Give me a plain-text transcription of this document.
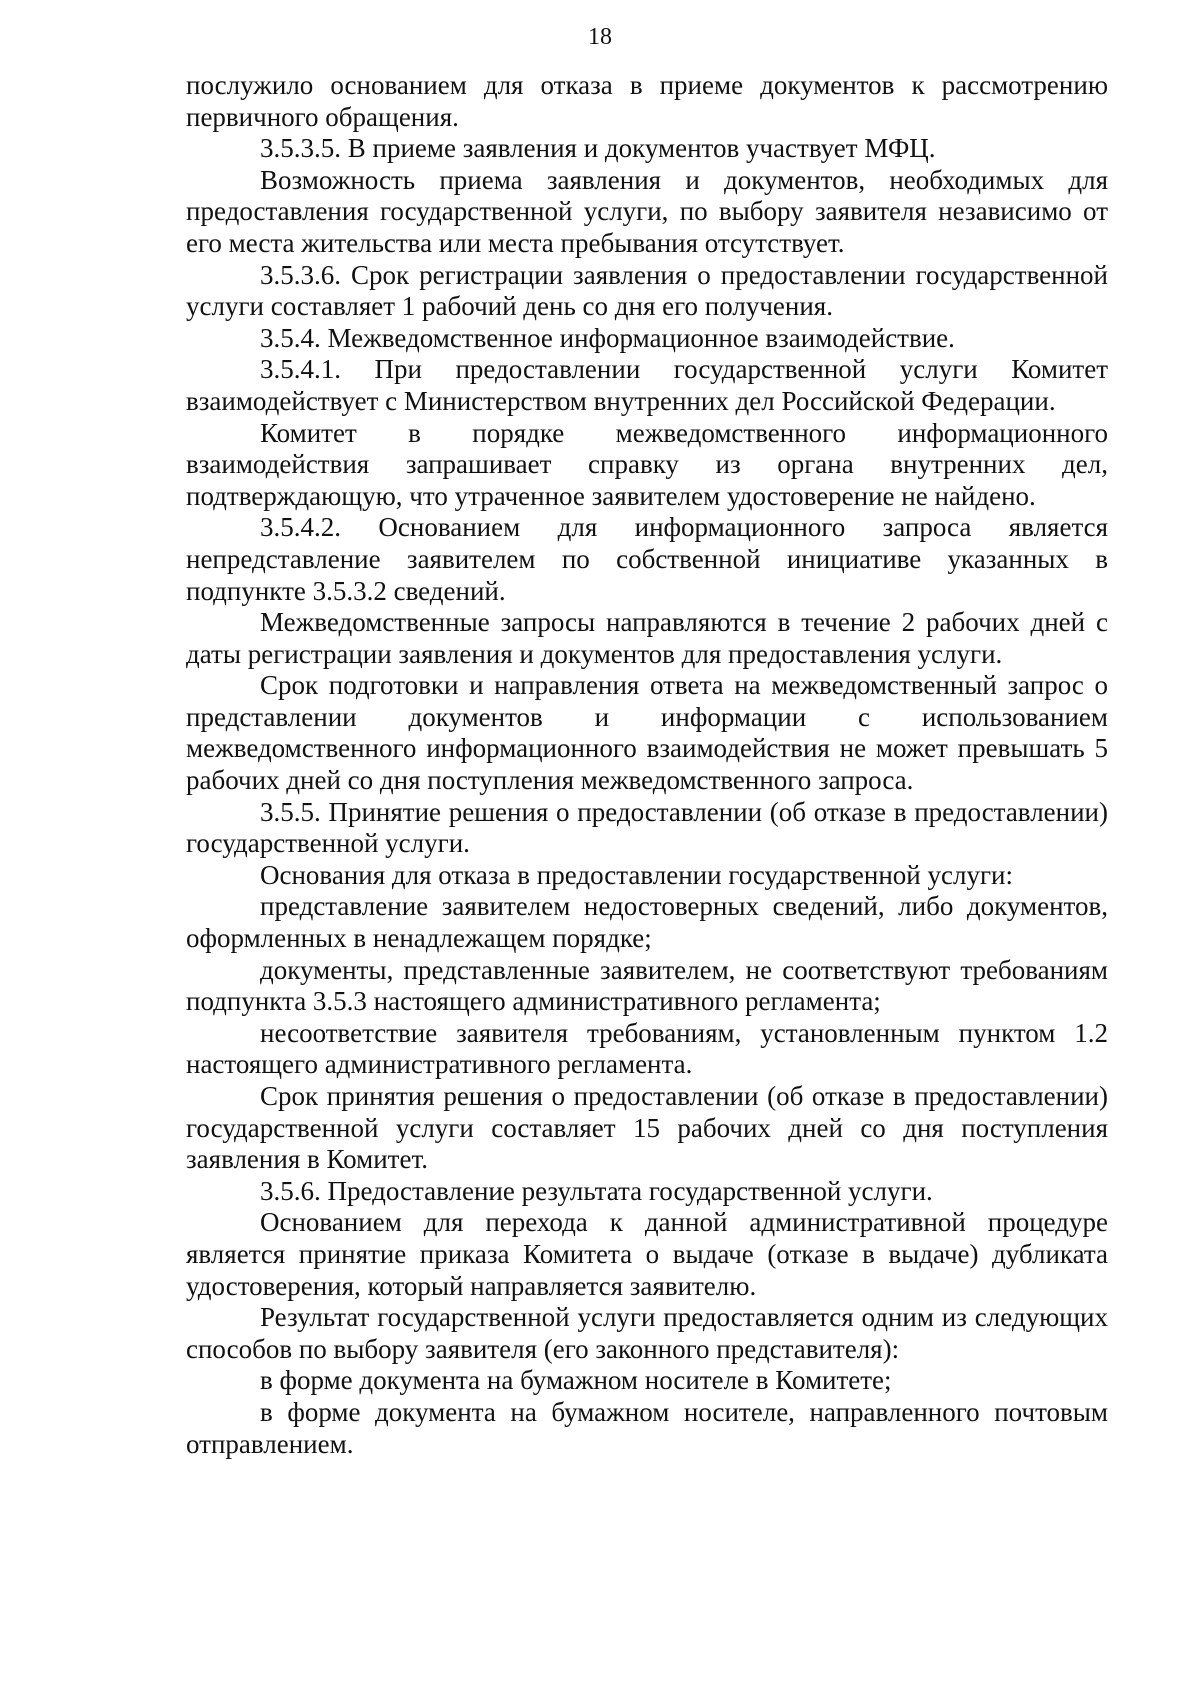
18

послужило основанием для отказа в приеме документов к рассмотрению первичного обращения.

3.5.3.5. В приеме заявления и документов участвует МФЦ.

Возможность приема заявления и документов, необходимых для предоставления государственной услуги, по выбору заявителя независимо от его места жительства или места пребывания отсутствует.

3.5.3.6. Срок регистрации заявления о предоставлении государственной услуги составляет 1 рабочий день со дня его получения.

3.5.4. Межведомственное информационное взаимодействие.

3.5.4.1. При предоставлении государственной услуги Комитет взаимодействует с Министерством внутренних дел Российской Федерации.

Комитет в порядке межведомственного информационного взаимодействия запрашивает справку из органа внутренних дел, подтверждающую, что утраченное заявителем удостоверение не найдено.

3.5.4.2. Основанием для информационного запроса является непредставление заявителем по собственной инициативе указанных в подпункте 3.5.3.2 сведений.

Межведомственные запросы направляются в течение 2 рабочих дней с даты регистрации заявления и документов для предоставления услуги.

Срок подготовки и направления ответа на межведомственный запрос о представлении документов и информации с использованием межведомственного информационного взаимодействия не может превышать 5 рабочих дней со дня поступления межведомственного запроса.

3.5.5. Принятие решения о предоставлении (об отказе в предоставлении) государственной услуги.

Основания для отказа в предоставлении государственной услуги:

представление заявителем недостоверных сведений, либо документов, оформленных в ненадлежащем порядке;

документы, представленные заявителем, не соответствуют требованиям подпункта 3.5.3 настоящего административного регламента;

несоответствие заявителя требованиям, установленным пунктом 1.2 настоящего административного регламента.

Срок принятия решения о предоставлении (об отказе в предоставлении) государственной услуги составляет 15 рабочих дней со дня поступления заявления в Комитет.

3.5.6. Предоставление результата государственной услуги.

Основанием для перехода к данной административной процедуре является принятие приказа Комитета о выдаче (отказе в выдаче) дубликата удостоверения, который направляется заявителю.

Результат государственной услуги предоставляется одним из следующих способов по выбору заявителя (его законного представителя):

в форме документа на бумажном носителе в Комитете;

в форме документа на бумажном носителе, направленного почтовым отправлением.
